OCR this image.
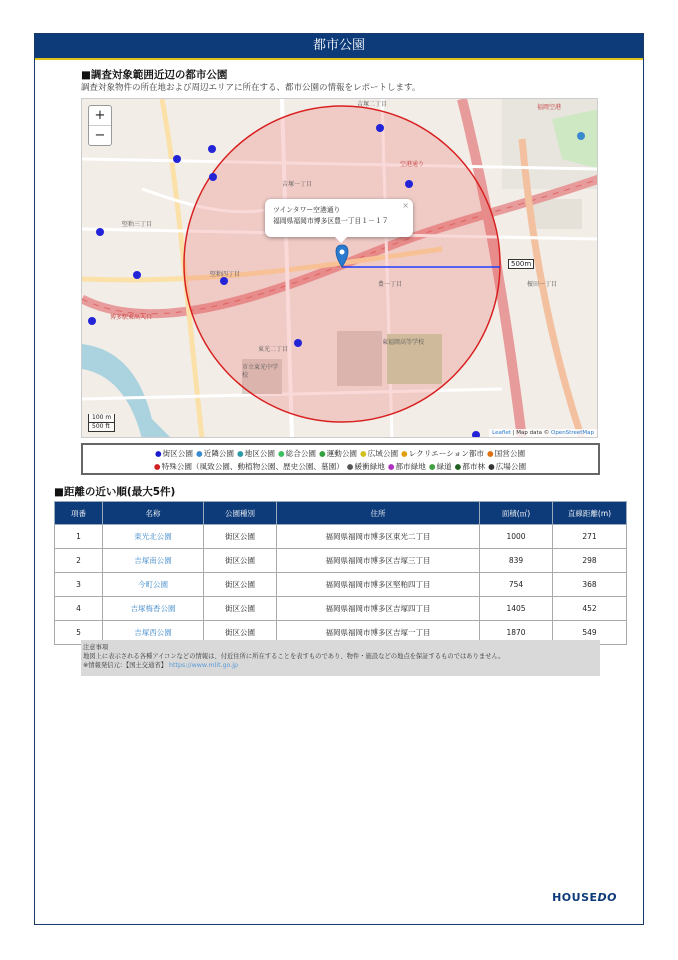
都市公園
■調査対象範囲近辺の都市公園
調査対象物件の所在地および周辺エリアに所在する、都市公園の情報をレポートします。
吉塚一丁目
堅粕三丁目
堅粕四丁目
豊一丁目
東光二丁目
東福岡高等学校
榎田一丁目
吉塚二丁目
市立東光中学校
博多駅東出入口
空港通り
福岡空港
+
−
×
ツインタワー空港通り
福岡県福岡市博多区豊一丁目１－１７
500m
100 m
500 ft
Leaflet | Map data © OpenStreetMap
●街区公園 ●近隣公園 ●地区公園 ●総合公園 ●運動公園 ●広域公園 ●レクリエーション都市 ●国営公園●特殊公園（風致公園、動植物公園、歴史公園、墓園） ●緩衝緑地 ●都市緑地 ●緑道 ●都市林 ●広場公園
■距離の近い順(最大5件)
項番	名称	公園種別	住所	面積(㎡)	直線距離(m)
1	東光北公園	街区公園	福岡県福岡市博多区東光二丁目	1000	271
2	吉塚南公園	街区公園	福岡県福岡市博多区吉塚三丁目	839	298
3	今町公園	街区公園	福岡県福岡市博多区堅粕四丁目	754	368
4	吉塚梅香公園	街区公園	福岡県福岡市博多区吉塚四丁目	1405	452
5	吉塚西公園	街区公園	福岡県福岡市博多区吉塚一丁目	1870	549
注意事項
地図上に表示される各種アイコンなどの情報は、付近住所に所在することを表すものであり、物件・施設などの地点を保証するものではありません。
※情報発信元：【国土交通省】 https://www.mlit.go.jp
HOUSEDO
